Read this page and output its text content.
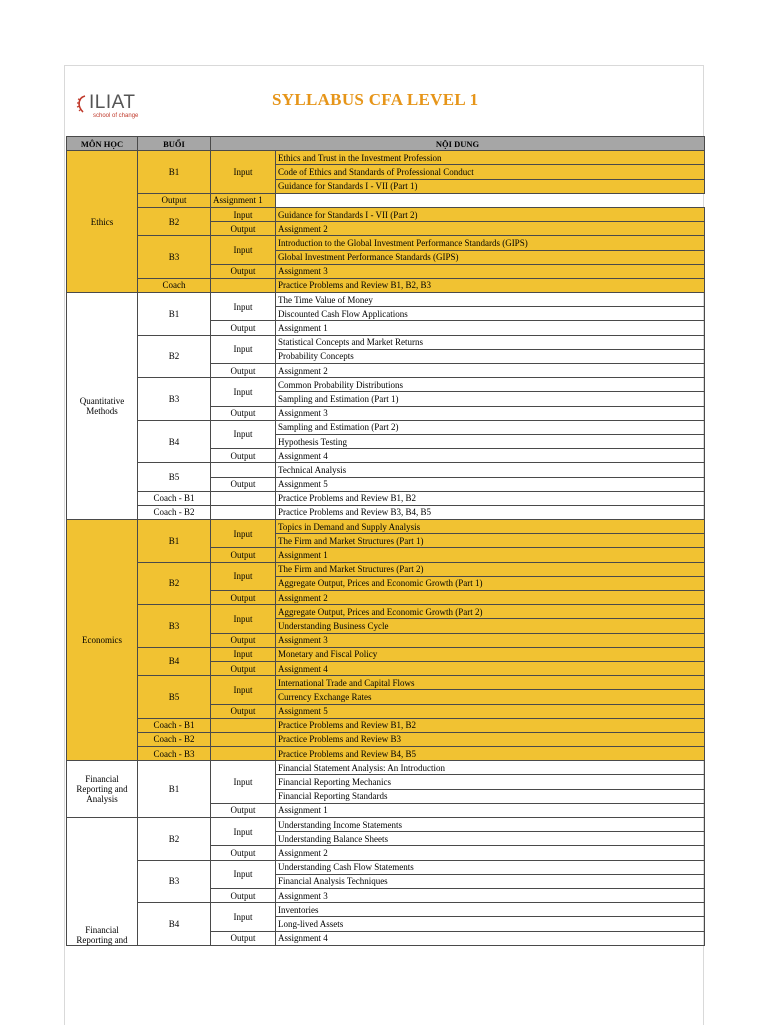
ILIAT
school of change
SYLLABUS CFA LEVEL 1
MÔN HỌC	BUỔI	NỘI DUNG	
Ethics	B1	Input	Ethics and Trust in the Investment Profession
			Code of Ethics and Standards of Professional Conduct
			Guidance for Standards I - VII (Part 1)
	Output	Assignment 1	
	B2	Input	Guidance for Standards I - VII (Part 2)
		Output	Assignment 2
	B3	Input	Introduction to the Global Investment Performance Standards (GIPS)
			Global Investment Performance Standards (GIPS)
		Output	Assignment 3
	Coach		Practice Problems and Review B1, B2, B3
Quantitative Methods	B1	Input	The Time Value of Money
			Discounted Cash Flow Applications
		Output	Assignment 1
	B2	Input	Statistical Concepts and Market Returns
			Probability Concepts
		Output	Assignment 2
	B3	Input	Common Probability Distributions
			Sampling and Estimation (Part 1)
		Output	Assignment 3
	B4	Input	Sampling and Estimation (Part 2)
			Hypothesis Testing
		Output	Assignment 4
	B5		Technical Analysis
		Output	Assignment 5
	Coach - B1		Practice Problems and Review B1, B2
	Coach - B2		Practice Problems and Review B3, B4, B5
Economics	B1	Input	Topics in Demand and Supply Analysis
			The Firm and Market Structures (Part 1)
		Output	Assignment 1
	B2	Input	The Firm and Market Structures (Part 2)
			Aggregate Output, Prices and Economic Growth (Part 1)
		Output	Assignment 2
	B3	Input	Aggregate Output, Prices and Economic Growth (Part 2)
			Understanding Business Cycle
		Output	Assignment 3
	B4	Input	Monetary and Fiscal Policy
		Output	Assignment 4
	B5	Input	International Trade and Capital Flows
			Currency Exchange Rates
		Output	Assignment 5
	Coach - B1		Practice Problems and Review B1, B2
	Coach - B2		Practice Problems and Review B3
	Coach - B3		Practice Problems and Review B4, B5
Financial Reporting and Analysis	B1	Input	Financial Statement Analysis: An Introduction
			Financial Reporting Mechanics
			Financial Reporting Standards
		Output	Assignment 1
Financial Reporting and	B2	Input	Understanding Income Statements
			Understanding Balance Sheets
		Output	Assignment 2
	B3	Input	Understanding Cash Flow Statements
			Financial Analysis Techniques
		Output	Assignment 3
	B4	Input	Inventories
			Long-lived Assets
		Output	Assignment 4
